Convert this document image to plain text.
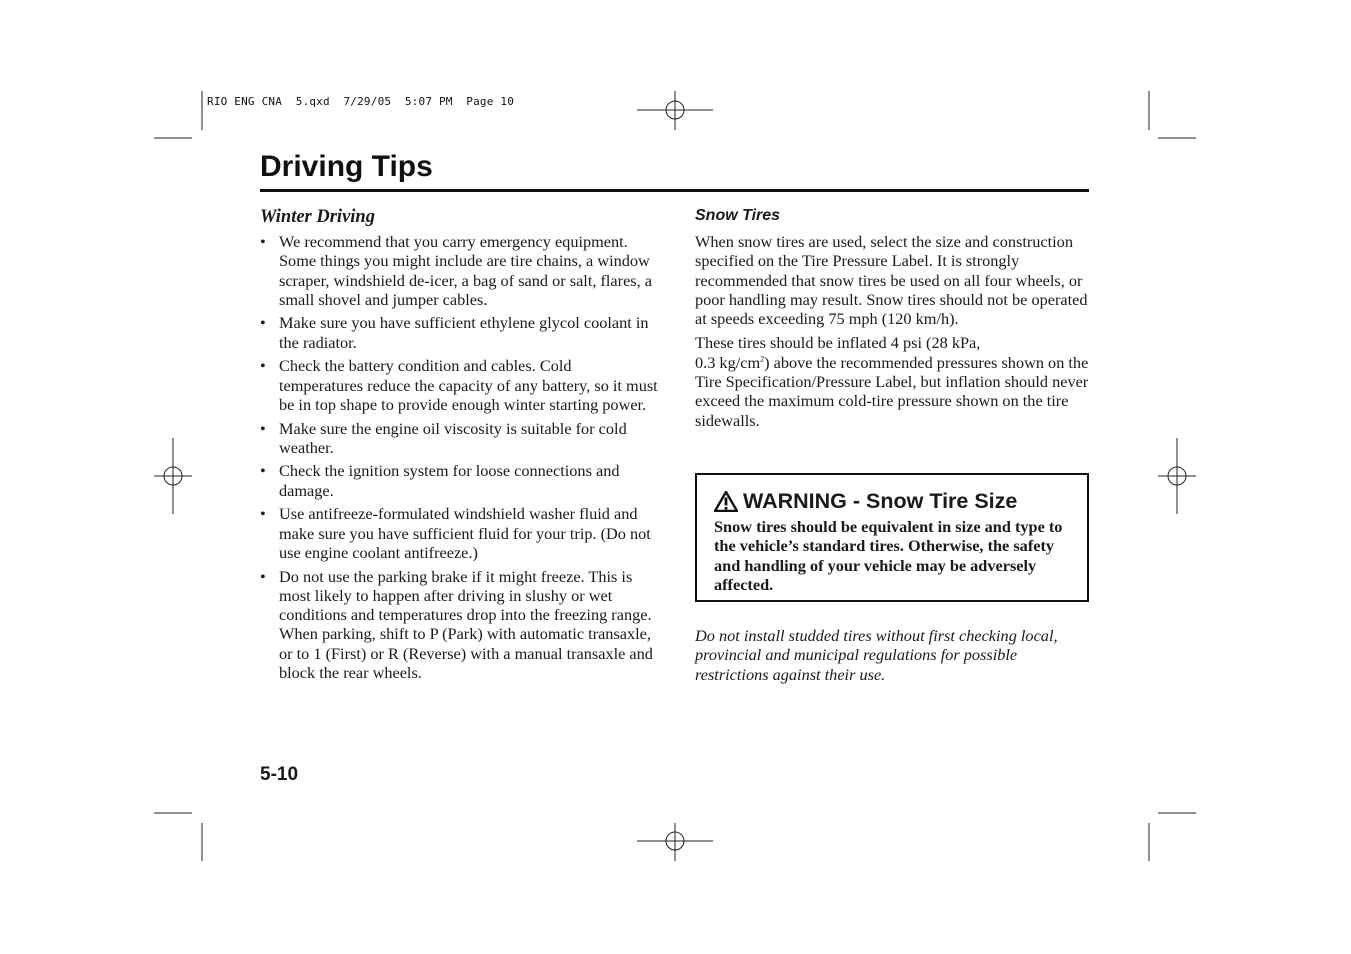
RIO ENG CNA  5.qxd  7/29/05  5:07 PM  Page 10
Driving Tips
Winter Driving
• We recommend that you carry emergency equipment. Some things you might include are tire chains, a window scraper, windshield de-icer, a bag of sand or salt, flares, a small shovel and jumper cables.
• Make sure you have sufficient ethylene glycol coolant in the radiator.
• Check the battery condition and cables. Cold temperatures reduce the capacity of any battery, so it must be in top shape to provide enough winter starting power.
• Make sure the engine oil viscosity is suitable for cold weather.
• Check the ignition system for loose connections and damage.
• Use antifreeze-formulated windshield washer fluid and make sure you have sufficient fluid for your trip. (Do not use engine coolant antifreeze.)
• Do not use the parking brake if it might freeze. This is most likely to happen after driving in slushy or wet conditions and temperatures drop into the freezing range. When parking, shift to P (Park) with automatic transaxle, or to 1 (First) or R (Reverse) with a manual transaxle and block the rear wheels.
Snow Tires

When snow tires are used, select the size and construction specified on the Tire Pressure Label. It is strongly recommended that snow tires be used on all four wheels, or poor handling may result. Snow tires should not be operated at speeds exceeding 75 mph (120 km/h).

These tires should be inflated 4 psi (28 kPa,
0.3 $kg/cm^2$) above the recommended pressures shown on the Tire Specification/Pressure Label, but inflation should never exceed the maximum cold-tire pressure shown on the tire sidewalls.

WARNING - Snow Tire Size
Snow tires should be equivalent in size and type to the vehicle’s standard tires. Otherwise, the safety and handling of your vehicle may be adversely affected.
Do not install studded tires without first checking local, provincial and municipal regulations for possible restrictions against their use.
5-10
